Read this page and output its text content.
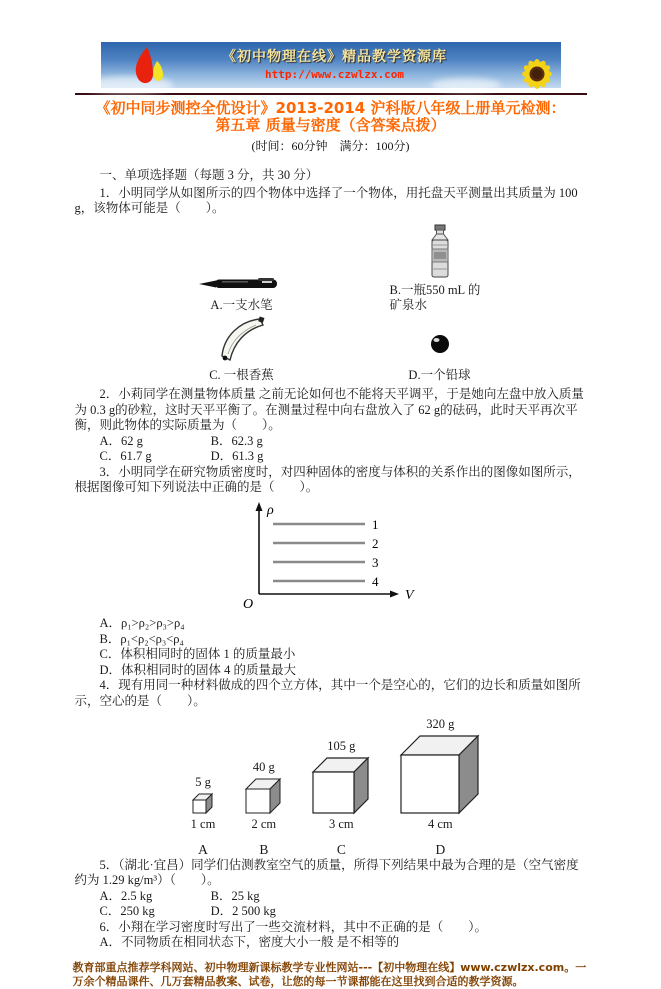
《初中物理在线》精品教学资源库
http://www.czwlzx.com
《初中同步测控全优设计》2013-2014 沪科版八年级上册单元检测：
第五章 质量与密度（含答案点拨）
(时间：60分钟　满分：100分)

一、单项选择题（每题 3 分，共 30 分）

1．小明同学从如图所示的四个物体中选择了一个物体，用托盘天平测量出其质量为 100 g，该物体可能是（　　）。

A.一支水笔
B.一瓶550 mL 的矿泉水
C. 一根香蕉	D.一个铅球

2．小莉同学在测量物体质量 之前无论如何也不能将天平调平，于是她向左盘中放入质量为 0.3 g的砂粒，这时天平平衡了。在测量过程中向右盘放入了 62 g的砝码，此时天平再次平衡，则此物体的实际质量为（　　）。

A．62 g	B．62.3 g

C．61.7 g	D．61.3 g

3．小明同学在研究物质密度时，对四种固体的密度与体积的关系作出的图像如图所示，根据图像可知下列说法中正确的是（　　）。

ρ
V
O
1
2
3
4

A．ρ₁>ρ₂>ρ₃>ρ₄

B．ρ₁<ρ₂<ρ₃<ρ₄

C．体积相同时的固体 1 的质量最小

D．体积相同时的固体 4 的质量最大

4．现有用同一种材料做成的四个立方体，其中一个是空心的，它们的边长和质量如图所示，空心的是（　　）。

5 g
1 cm
A
40 g
2 cm
B
105 g
3 cm
C
320 g
4 cm
D

5．（湖北·宜昌）同学们估测教室空气的质量，所得下列结果中最为合理的是（空气密度约为 1.29 kg/m³）（　　）。

A．2.5 kg	B．25 kg

C．250 kg	D．2 500 kg

6．小翔在学习密度时写出了一些交流材料，其中不正确的是（　　）。

A．不同物质在相同状态下，密度大小一般 是不相等的

教育部重点推荐学科网站、初中物理新课标教学专业性网站---【初中物理在线】www.czwlzx.com。一万余个精品课件、几万套精品教案、试卷，让您的每一节课都能在这里找到合适的教学资源。
